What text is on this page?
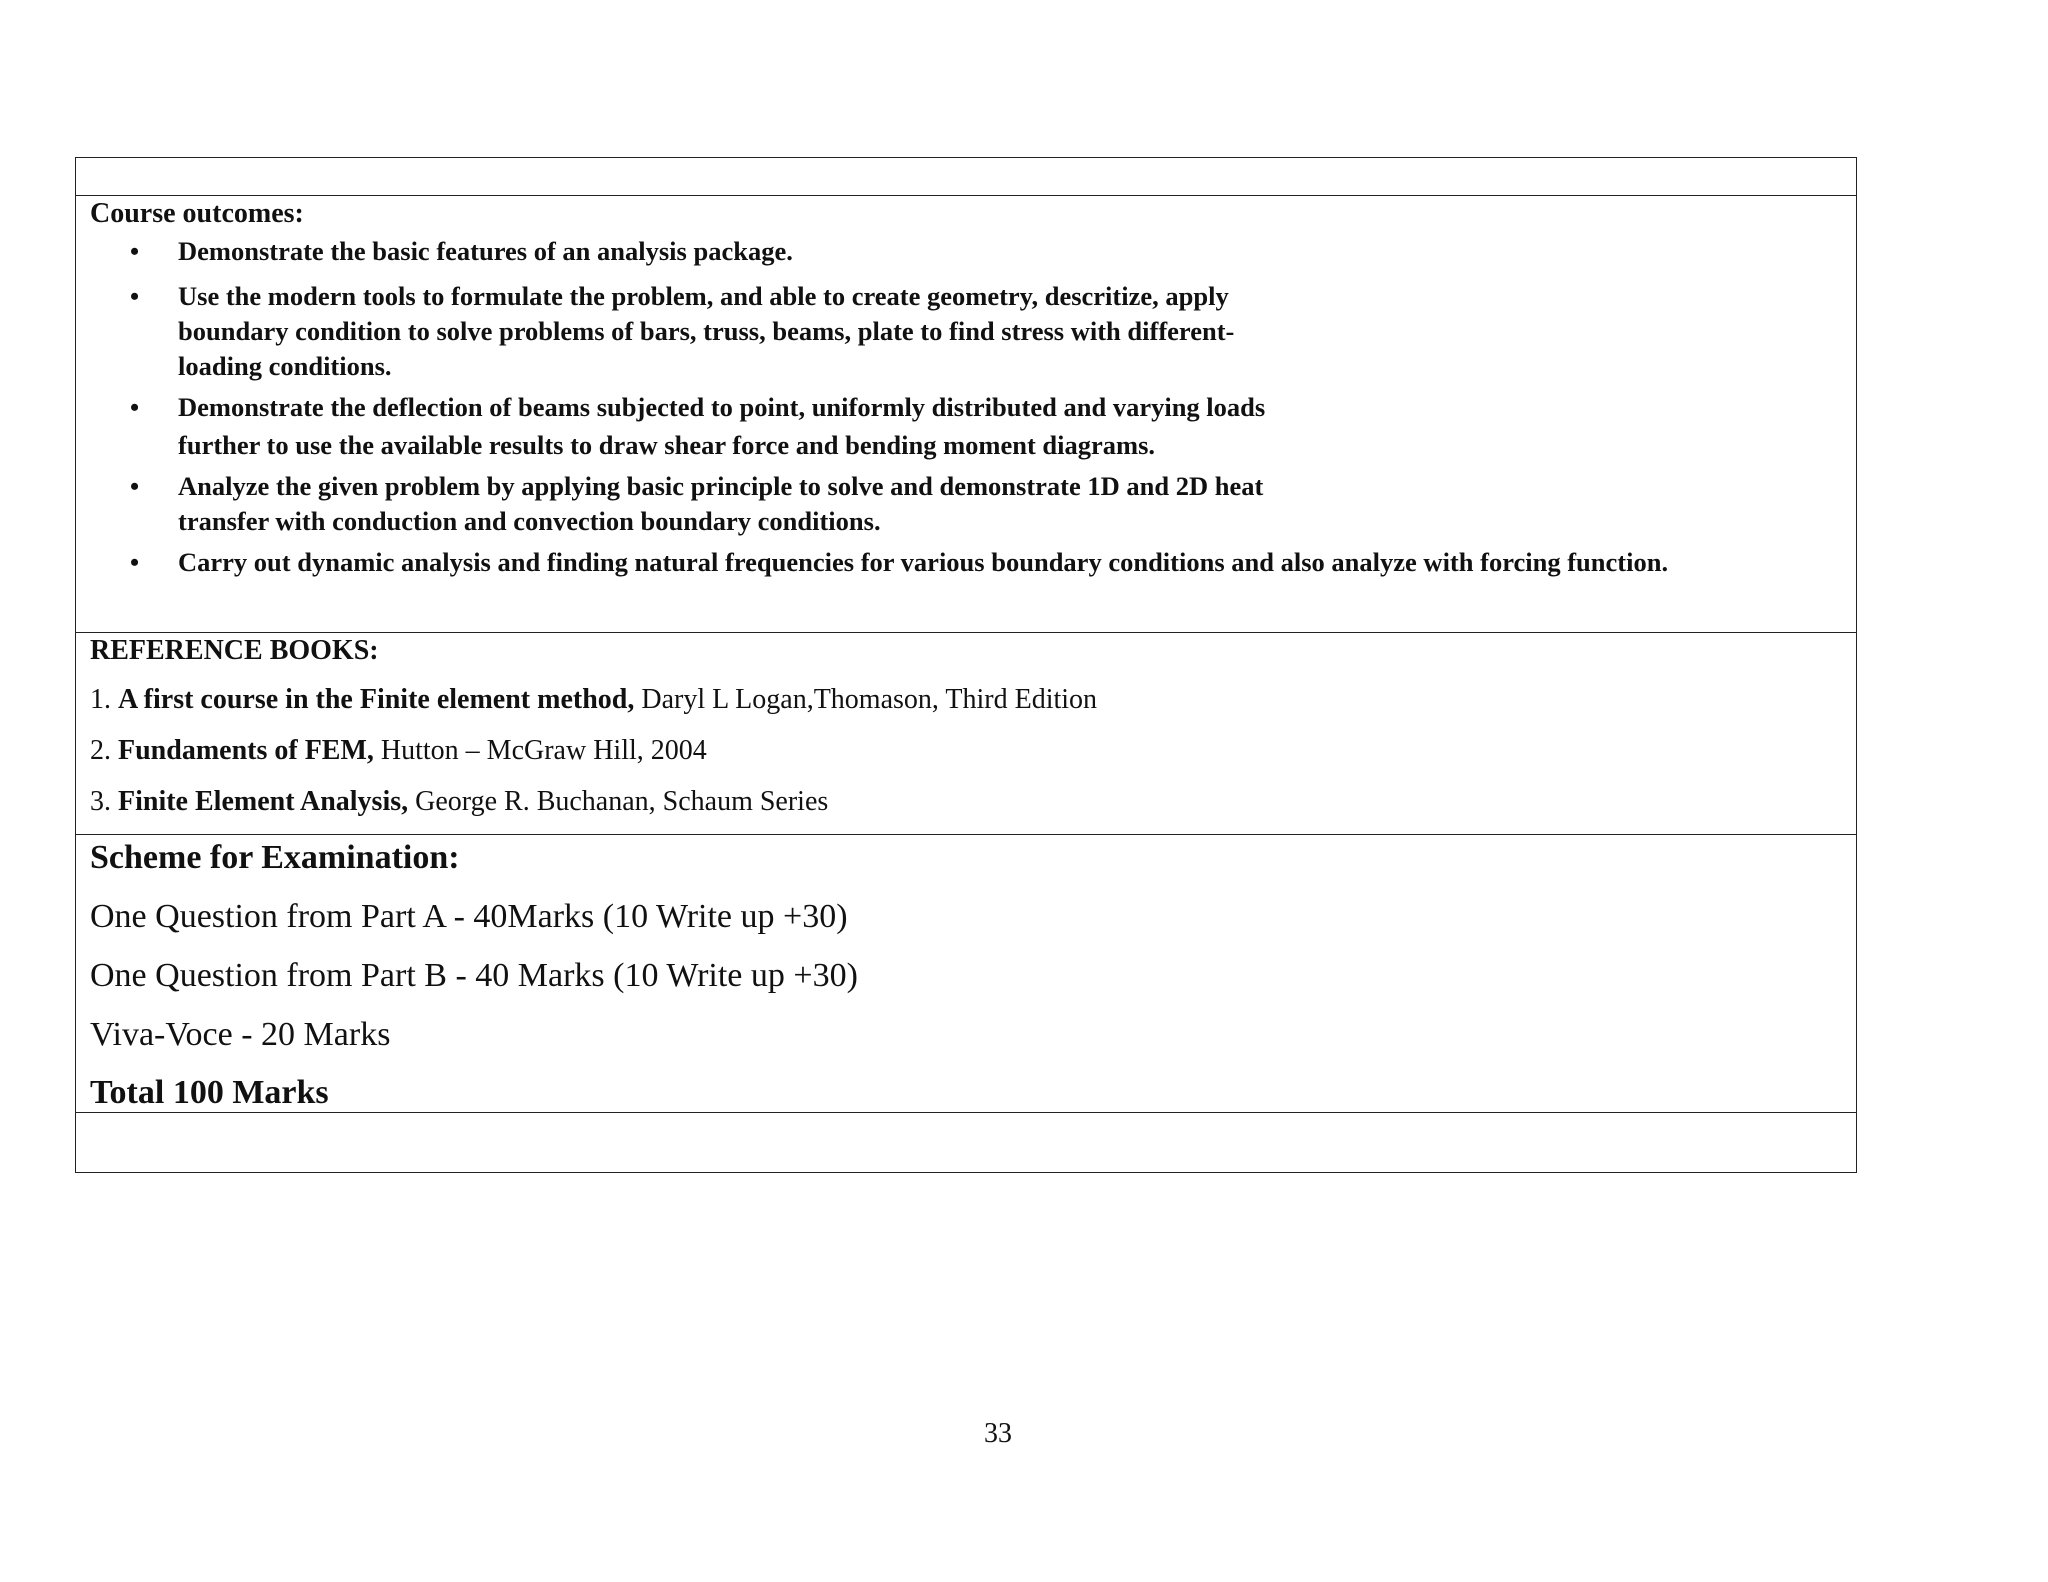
Course outcomes:
• Demonstrate the basic features of an analysis package.
• Use the modern tools to formulate the problem, and able to create geometry, descritize, apply
boundary condition to solve problems of bars, truss, beams, plate to find stress with different-
loading conditions.
• Demonstrate the deflection of beams subjected to point, uniformly distributed and varying loads
further to use the available results to draw shear force and bending moment diagrams.
• Analyze the given problem by applying basic principle to solve and demonstrate 1D and 2D heat
transfer with conduction and convection boundary conditions.
• Carry out dynamic analysis and finding natural frequencies for various boundary conditions and also analyze with forcing function.
REFERENCE BOOKS:
1. A first course in the Finite element method, Daryl L Logan,Thomason, Third Edition
2. Fundaments of FEM, Hutton – McGraw Hill, 2004
3. Finite Element Analysis, George R. Buchanan, Schaum Series
Scheme for Examination:
One Question from Part A - 40Marks (10 Write up +30)
One Question from Part B - 40 Marks (10 Write up +30)
Viva-Voce - 20 Marks
Total 100 Marks
33
